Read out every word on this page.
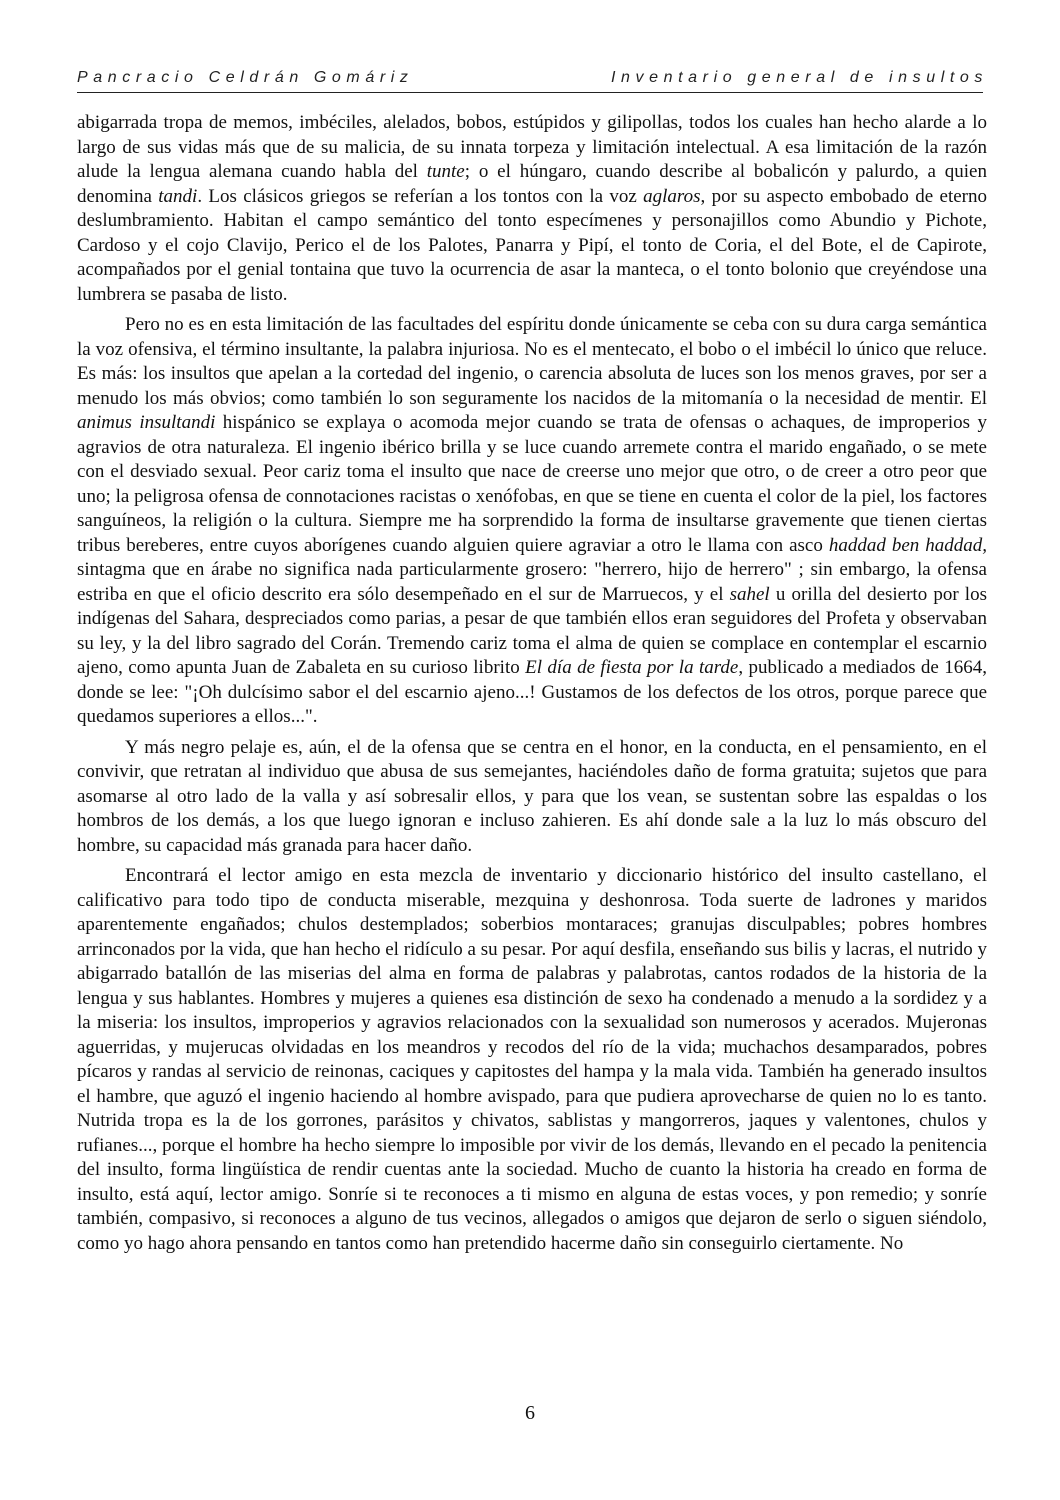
Pancracio Celdrán Gomáriz	Inventario general de insultos

abigarrada tropa de memos, imbéciles, alelados, bobos, estúpidos y gilipollas, todos los cuales han hecho alarde a lo largo de sus vidas más que de su malicia, de su innata torpeza y limitación intelectual. A esa limitación de la razón alude la lengua alemana cuando habla del tunte; o el húngaro, cuando describe al bobalicón y palurdo, a quien denomina tandi. Los clásicos griegos se referían a los tontos con la voz aglaros, por su aspecto embobado de eterno deslumbramiento. Habitan el campo semántico del tonto especímenes y personajillos como Abundio y Pichote, Cardoso y el cojo Clavijo, Perico el de los Palotes, Panarra y Pipí, el tonto de Coria, el del Bote, el de Capirote, acompañados por el genial tontaina que tuvo la ocurrencia de asar la manteca, o el tonto bolonio que creyéndose una lumbrera se pasaba de listo.

Pero no es en esta limitación de las facultades del espíritu donde únicamente se ceba con su dura carga semántica la voz ofensiva, el término insultante, la palabra injuriosa. No es el mentecato, el bobo o el imbécil lo único que reluce. Es más: los insultos que apelan a la cortedad del ingenio, o carencia absoluta de luces son los menos graves, por ser a menudo los más obvios; como también lo son seguramente los nacidos de la mitomanía o la necesidad de mentir. El animus insultandi hispánico se explaya o acomoda mejor cuando se trata de ofensas o achaques, de improperios y agravios de otra naturaleza. El ingenio ibérico brilla y se luce cuando arremete contra el marido engañado, o se mete con el desviado sexual. Peor cariz toma el insulto que nace de creerse uno mejor que otro, o de creer a otro peor que uno; la peligrosa ofensa de connotaciones racistas o xenófobas, en que se tiene en cuenta el color de la piel, los factores sanguíneos, la religión o la cultura. Siempre me ha sorprendido la forma de insultarse gravemente que tienen ciertas tribus bereberes, entre cuyos aborígenes cuando alguien quiere agraviar a otro le llama con asco haddad ben haddad, sintagma que en árabe no significa nada particularmente grosero: "herrero, hijo de herrero" ; sin embargo, la ofensa estriba en que el oficio descrito era sólo desempeñado en el sur de Marruecos, y el sahel u orilla del desierto por los indígenas del Sahara, despreciados como parias, a pesar de que también ellos eran seguidores del Profeta y observaban su ley, y la del libro sagrado del Corán. Tremendo cariz toma el alma de quien se complace en contemplar el escarnio ajeno, como apunta Juan de Zabaleta en su curioso librito El día de fiesta por la tarde, publicado a mediados de 1664, donde se lee: "¡Oh dulcísimo sabor el del escarnio ajeno...! Gustamos de los defectos de los otros, porque parece que quedamos superiores a ellos...".

Y más negro pelaje es, aún, el de la ofensa que se centra en el honor, en la conducta, en el pensamiento, en el convivir, que retratan al individuo que abusa de sus semejantes, haciéndoles daño de forma gratuita; sujetos que para asomarse al otro lado de la valla y así sobresalir ellos, y para que los vean, se sustentan sobre las espaldas o los hombros de los demás, a los que luego ignoran e incluso zahieren. Es ahí donde sale a la luz lo más obscuro del hombre, su capacidad más granada para hacer daño.

Encontrará el lector amigo en esta mezcla de inventario y diccionario histórico del insulto castellano, el calificativo para todo tipo de conducta miserable, mezquina y deshonrosa. Toda suerte de ladrones y maridos aparentemente engañados; chulos destemplados; soberbios montaraces; granujas disculpables; pobres hombres arrinconados por la vida, que han hecho el ridículo a su pesar. Por aquí desfila, enseñando sus bilis y lacras, el nutrido y abigarrado batallón de las miserias del alma en forma de palabras y palabrotas, cantos rodados de la historia de la lengua y sus hablantes. Hombres y mujeres a quienes esa distinción de sexo ha condenado a menudo a la sordidez y a la miseria: los insultos, improperios y agravios relacionados con la sexualidad son numerosos y acerados. Mujeronas aguerridas, y mujerucas olvidadas en los meandros y recodos del río de la vida; muchachos desamparados, pobres pícaros y randas al servicio de reinonas, caciques y capitostes del hampa y la mala vida. También ha generado insultos el hambre, que aguzó el ingenio haciendo al hombre avispado, para que pudiera aprovecharse de quien no lo es tanto. Nutrida tropa es la de los gorrones, parásitos y chivatos, sablistas y mangorreros, jaques y valentones, chulos y rufianes..., porque el hombre ha hecho siempre lo imposible por vivir de los demás, llevando en el pecado la penitencia del insulto, forma lingüística de rendir cuentas ante la sociedad. Mucho de cuanto la historia ha creado en forma de insulto, está aquí, lector amigo. Sonríe si te reconoces a ti mismo en alguna de estas voces, y pon remedio; y sonríe también, compasivo, si reconoces a alguno de tus vecinos, allegados o amigos que dejaron de serlo o siguen siéndolo, como yo hago ahora pensando en tantos como han pretendido hacerme daño sin conseguirlo ciertamente. No

6
